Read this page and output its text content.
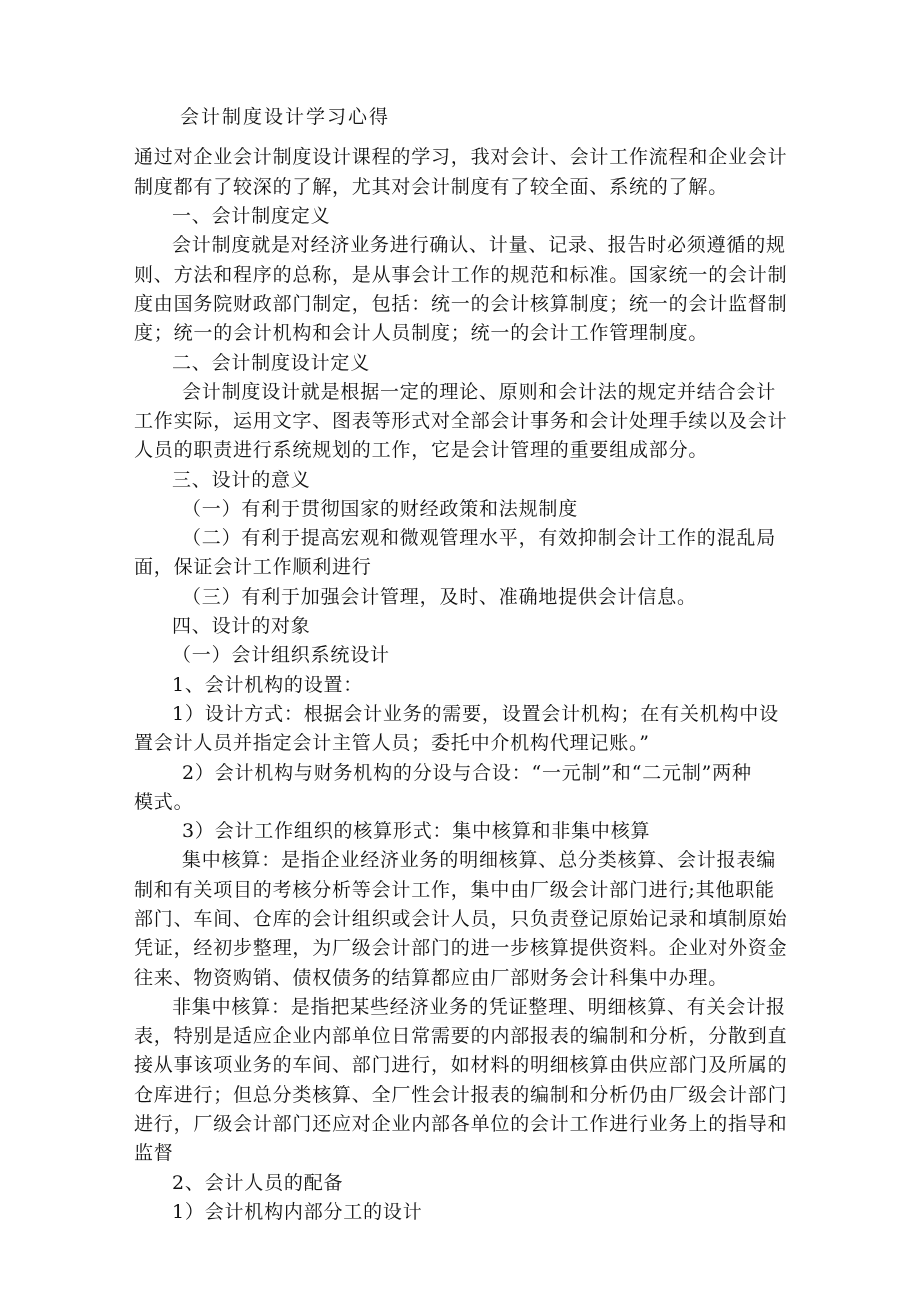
会计制度设计学习心得
通过对企业会计制度设计课程的学习，我对会计、会计工作流程和企业会计
制度都有了较深的了解，尤其对会计制度有了较全面、系统的了解。
一、会计制度定义
会计制度就是对经济业务进行确认、计量、记录、报告时必须遵循的规
则、方法和程序的总称，是从事会计工作的规范和标准。国家统一的会计制
度由国务院财政部门制定，包括：统一的会计核算制度；统一的会计监督制
度；统一的会计机构和会计人员制度；统一的会计工作管理制度。
二、会计制度设计定义
会计制度设计就是根据一定的理论、原则和会计法的规定并结合会计
工作实际，运用文字、图表等形式对全部会计事务和会计处理手续以及会计
人员的职责进行系统规划的工作，它是会计管理的重要组成部分。
三、设计的意义
（一）有利于贯彻国家的财经政策和法规制度
（二）有利于提高宏观和微观管理水平，有效抑制会计工作的混乱局
面，保证会计工作顺利进行
（三）有利于加强会计管理，及时、准确地提供会计信息。
四、设计的对象
（一）会计组织系统设计
1、会计机构的设置：
1）设计方式：根据会计业务的需要，设置会计机构；在有关机构中设
置会计人员并指定会计主管人员；委托中介机构代理记账。”
2）会计机构与财务机构的分设与合设：“一元制”和“二元制”两种
模式。
3）会计工作组织的核算形式：集中核算和非集中核算
集中核算：是指企业经济业务的明细核算、总分类核算、会计报表编
制和有关项目的考核分析等会计工作，集中由厂级会计部门进行;其他职能
部门、车间、仓库的会计组织或会计人员，只负责登记原始记录和填制原始
凭证，经初步整理，为厂级会计部门的进一步核算提供资料。企业对外资金
往来、物资购销、债权债务的结算都应由厂部财务会计科集中办理。
非集中核算：是指把某些经济业务的凭证整理、明细核算、有关会计报
表，特别是适应企业内部单位日常需要的内部报表的编制和分析，分散到直
接从事该项业务的车间、部门进行，如材料的明细核算由供应部门及所属的
仓库进行；但总分类核算、全厂性会计报表的编制和分析仍由厂级会计部门
进行，厂级会计部门还应对企业内部各单位的会计工作进行业务上的指导和
监督
2、会计人员的配备
1）会计机构内部分工的设计
